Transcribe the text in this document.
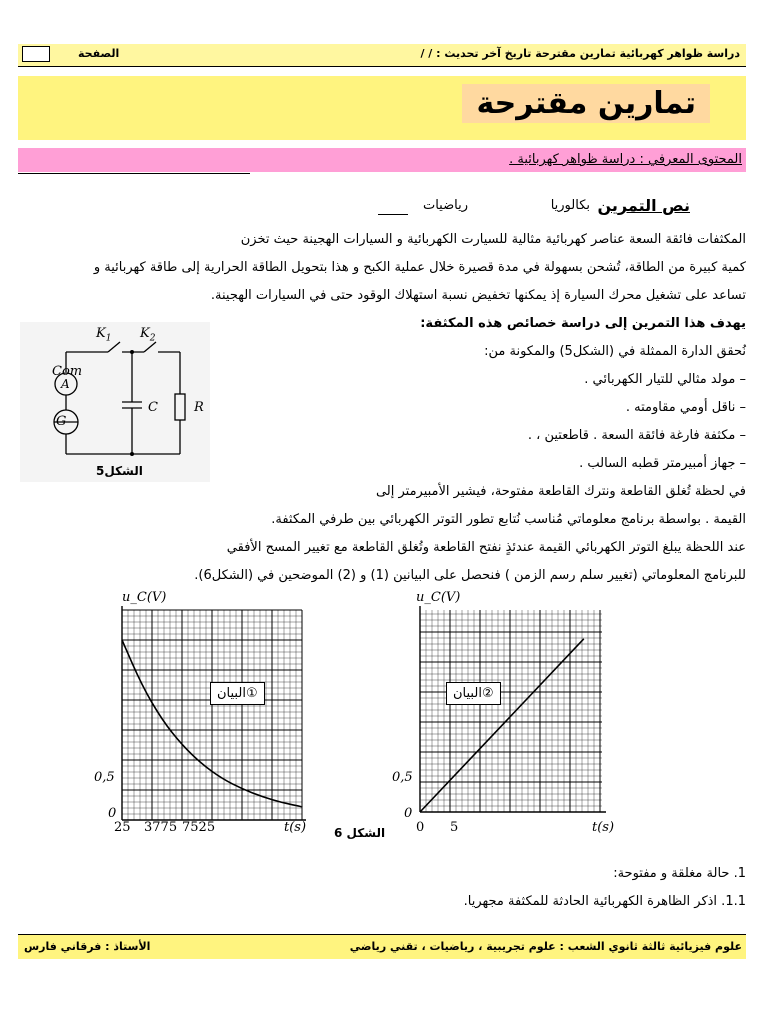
دراسة ظواهر كهربائية تمارين مقترحة تاريخ آخر تحديث : / /
الصفحة
تمارين مقترحة
المحتوى المعرفي : دراسة ظواهر كهربائية .
نص التمرين
بكالوريا
رياضيات
المكثفات فائقة السعة عناصر كهربائية مثالية للسيارت الكهربائية و السيارات الهجينة حيث تخزن
كمية كبيرة من الطاقة، تُشحن بسهولة في مدة قصيرة خلال عملية الكبح و هذا بتحويل الطاقة الحرارية إلى طاقة كهربائية و
تساعد على تشغيل محرك السيارة إذ يمكنها تخفيض نسبة استهلاك الوقود حتى في السيارات الهجينة.
يهدف هذا التمرين إلى دراسة خصائص هذه المكثفة:
نُحقق الدارة الممثلة في (الشكل5) والمكونة من:
– مولد مثالي للتيار الكهربائي .
– ناقل أومي مقاومته .
– مكثفة فارغة فائقة السعة . قاطعتين ، .
– جهاز أمبيرمتر قطبه السالب .
في لحظة تُغلق القاطعة ونترك القاطعة مفتوحة، فيشير الأمبيرمتر إلى
القيمة . بواسطة برنامج معلوماتي مُناسب نُتابع تطور التوتر الكهربائي بين طرفي المكثفة.
عند اللحظة يبلغ التوتر الكهربائي القيمة عندئذٍ نفتح القاطعة وتُغلق القاطعة مع تغيير المسح الأفقي
للبرنامج المعلوماتي (تغيير سلم رسم الزمن ) فنحصل على البيانين (1) و (2) الموضحين في (الشكل6).
$K_1$ $K_2$
Com
A
G
C	R
الشكل5
u_C(V)
البيان①
0,5
0
25 3775 7525	t(s) الشكل 6
u_C(V)
البيان②
0,5
0
0 5	t(s)
1. حالة مغلقة و مفتوحة:
1.1. اذكر الظاهرة الكهربائية الحادثة للمكثفة مجهريا.
علوم فيزيائية ثالثة ثانوي الشعب : علوم تجريبية ، رياضيات ، تقني رياضي
الأستاذ : فرقاني فارس
